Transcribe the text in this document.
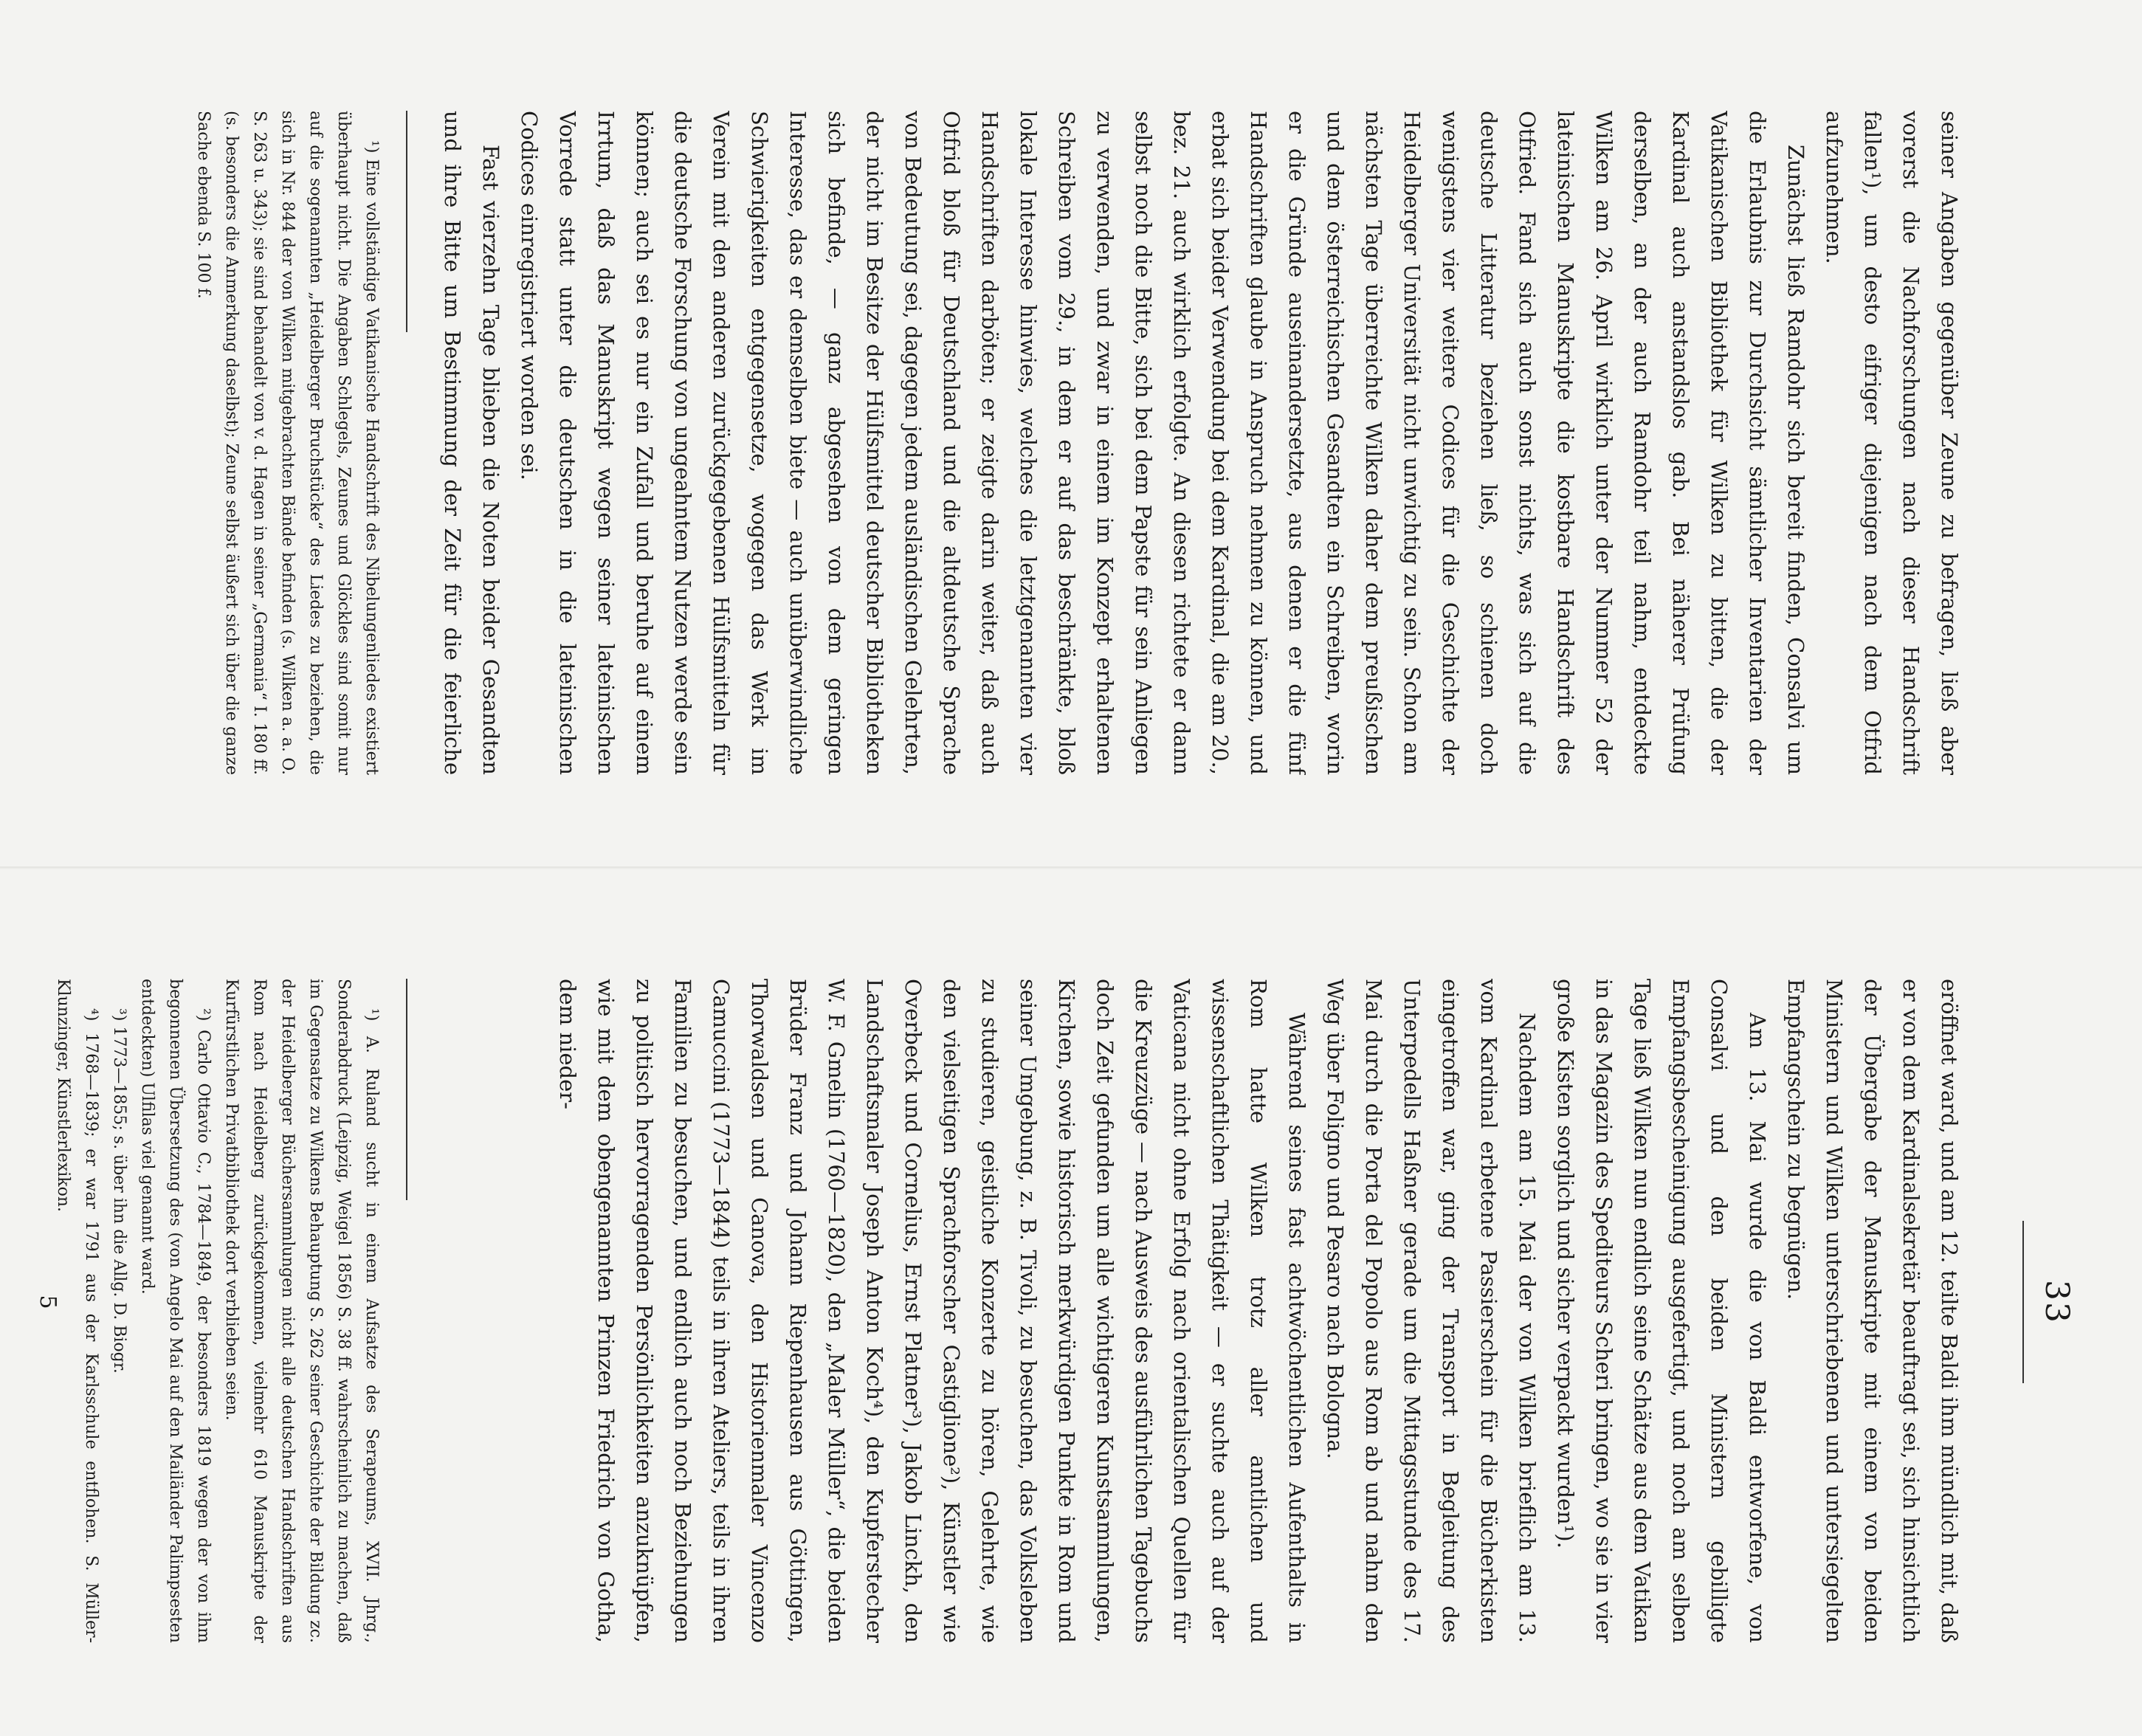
seiner Angaben gegenüber Zeune zu befragen, ließ aber vorerst die Nachforschungen nach dieser Handschrift fallen¹), um desto eifriger diejenigen nach dem Otfrid aufzunehmen.

Zunächst ließ Ramdohr sich bereit finden, Consalvi um die Erlaubnis zur Durchsicht sämtlicher Inventarien der Vatikanischen Bibliothek für Wilken zu bitten, die der Kardinal auch anstandslos gab. Bei näherer Prüfung derselben, an der auch Ramdohr teil nahm, entdeckte Wilken am 26. April wirklich unter der Nummer 52 der lateinischen Manuskripte die kostbare Handschrift des Otfried. Fand sich auch sonst nichts, was sich auf die deutsche Litteratur beziehen ließ, so schienen doch wenigstens vier weitere Codices für die Geschichte der Heidelberger Universität nicht unwichtig zu sein. Schon am nächsten Tage überreichte Wilken daher dem preußischen und dem österreichischen Gesandten ein Schreiben, worin er die Gründe auseinandersetzte, aus denen er die fünf Handschriften glaube in Anspruch nehmen zu können, und erbat sich beider Verwendung bei dem Kardinal, die am 20., bez. 21. auch wirklich erfolgte. An diesen richtete er dann selbst noch die Bitte, sich bei dem Papste für sein Anliegen zu verwenden, und zwar in einem im Konzept erhaltenen Schreiben vom 29., in dem er auf das beschränkte, bloß lokale Interesse hinwies, welches die letztgenannten vier Handschriften darböten; er zeigte darin weiter, daß auch Otfrid bloß für Deutschland und die altdeutsche Sprache von Bedeutung sei, dagegen jedem ausländischen Gelehrten, der nicht im Besitze der Hülfsmittel deutscher Bibliotheken sich befinde, — ganz abgesehen von dem geringen Interesse, das er demselben biete — auch unüberwindliche Schwierigkeiten entgegensetze, wogegen das Werk im Verein mit den anderen zurückgegebenen Hülfsmitteln für die deutsche Forschung von ungeahntem Nutzen werde sein können; auch sei es nur ein Zufall und beruhe auf einem Irrtum, daß das Manuskript wegen seiner lateinischen Vorrede statt unter die deutschen in die lateinischen Codices einregistriert worden sei.

Fast vierzehn Tage blieben die Noten beider Gesandten und ihre Bitte um Bestimmung der Zeit für die feierliche

¹) Eine vollständige Vatikanische Handschrift des Nibelungenliedes existiert überhaupt nicht. Die Angaben Schlegels, Zeunes und Glöckles sind somit nur auf die sogenannten „Heidelberger Bruchstücke“ des Liedes zu beziehen, die sich in Nr. 844 der von Wilken mitgebrachten Bände befinden (s. Wilken a. a. O. S. 263 u. 343); sie sind behandelt von v. d. Hagen in seiner „Germania“ I. 180 ff. (s. besonders die Anmerkung daselbst); Zeune selbst äußert sich über die ganze Sache ebenda S. 100 f.

33

eröffnet ward, und am 12. teilte Baldi ihm mündlich mit, daß er von dem Kardinalsekretär beauftragt sei, sich hinsichtlich der Übergabe der Manuskripte mit einem von beiden Ministern und Wilken unterschriebenen und untersiegelten Empfangschein zu begnügen.

Am 13. Mai wurde die von Baldi entworfene, von Consalvi und den beiden Ministern gebilligte Empfangsbescheinigung ausgefertigt, und noch am selben Tage ließ Wilken nun endlich seine Schätze aus dem Vatikan in das Magazin des Spediteurs Scheri bringen, wo sie in vier große Kisten sorglich und sicher verpackt wurden¹).

Nachdem am 15. Mai der von Wilken brieflich am 13. vom Kardinal erbetene Passierschein für die Bücherkisten eingetroffen war, ging der Transport in Begleitung des Unterpedells Haßner gerade um die Mittagsstunde des 17. Mai durch die Porta del Popolo aus Rom ab und nahm den Weg über Foligno und Pesaro nach Bologna.

Während seines fast achtwöchentlichen Aufenthalts in Rom hatte Wilken trotz aller amtlichen und wissenschaftlichen Thätigkeit — er suchte auch auf der Vaticana nicht ohne Erfolg nach orientalischen Quellen für die Kreuzzüge — nach Ausweis des ausführlichen Tagebuchs doch Zeit gefunden um alle wichtigeren Kunstsammlungen, Kirchen, sowie historisch merkwürdigen Punkte in Rom und seiner Umgebung, z. B. Tivoli, zu besuchen, das Volksleben zu studieren, geistliche Konzerte zu hören, Gelehrte, wie den vielseitigen Sprachforscher Castiglione²), Künstler wie Overbeck und Cornelius, Ernst Platner³), Jakob Linckh, den Landschaftsmaler Joseph Anton Koch⁴), den Kupferstecher W. F. Gmelin (1760—1820), den „Maler Müller“, die beiden Brüder Franz und Johann Riepenhausen aus Göttingen, Thorwaldsen und Canova, den Historienmaler Vincenzo Camuccini (1773—1844) teils in ihren Ateliers, teils in ihren Familien zu besuchen, und endlich auch noch Beziehungen zu politisch hervorragenden Persönlichkeiten anzuknüpfen, wie mit dem obengenannten Prinzen Friedrich von Gotha, dem nieder-

¹) A. Ruland sucht in einem Aufsatze des Serapeums, XVII. Jhrg., Sonderabdruck (Leipzig, Weigel 1856) S. 38 ff. wahrscheinlich zu machen, daß im Gegensatze zu Wilkens Behauptung S. 262 seiner Geschichte der Bildung zc. der Heidelberger Büchersammlungen nicht alle deutschen Handschriften aus Rom nach Heidelberg zurückgekommen, vielmehr 610 Manuskripte der Kurfürstlichen Privatbibliothek dort verblieben seien.

²) Carlo Ottavio C., 1784—1849, der besonders 1819 wegen der von ihm begonnenen Übersetzung des (von Angelo Mai auf den Mailänder Palimpsesten entdeckten) Ulfilas viel genannt ward.

³) 1773—1855; s. über ihn die Allg. D. Biogr.

⁴) 1768—1839; er war 1791 aus der Karlsschule entflohen. S. Müller-Klunzinger, Künstlerlexikon.

5
